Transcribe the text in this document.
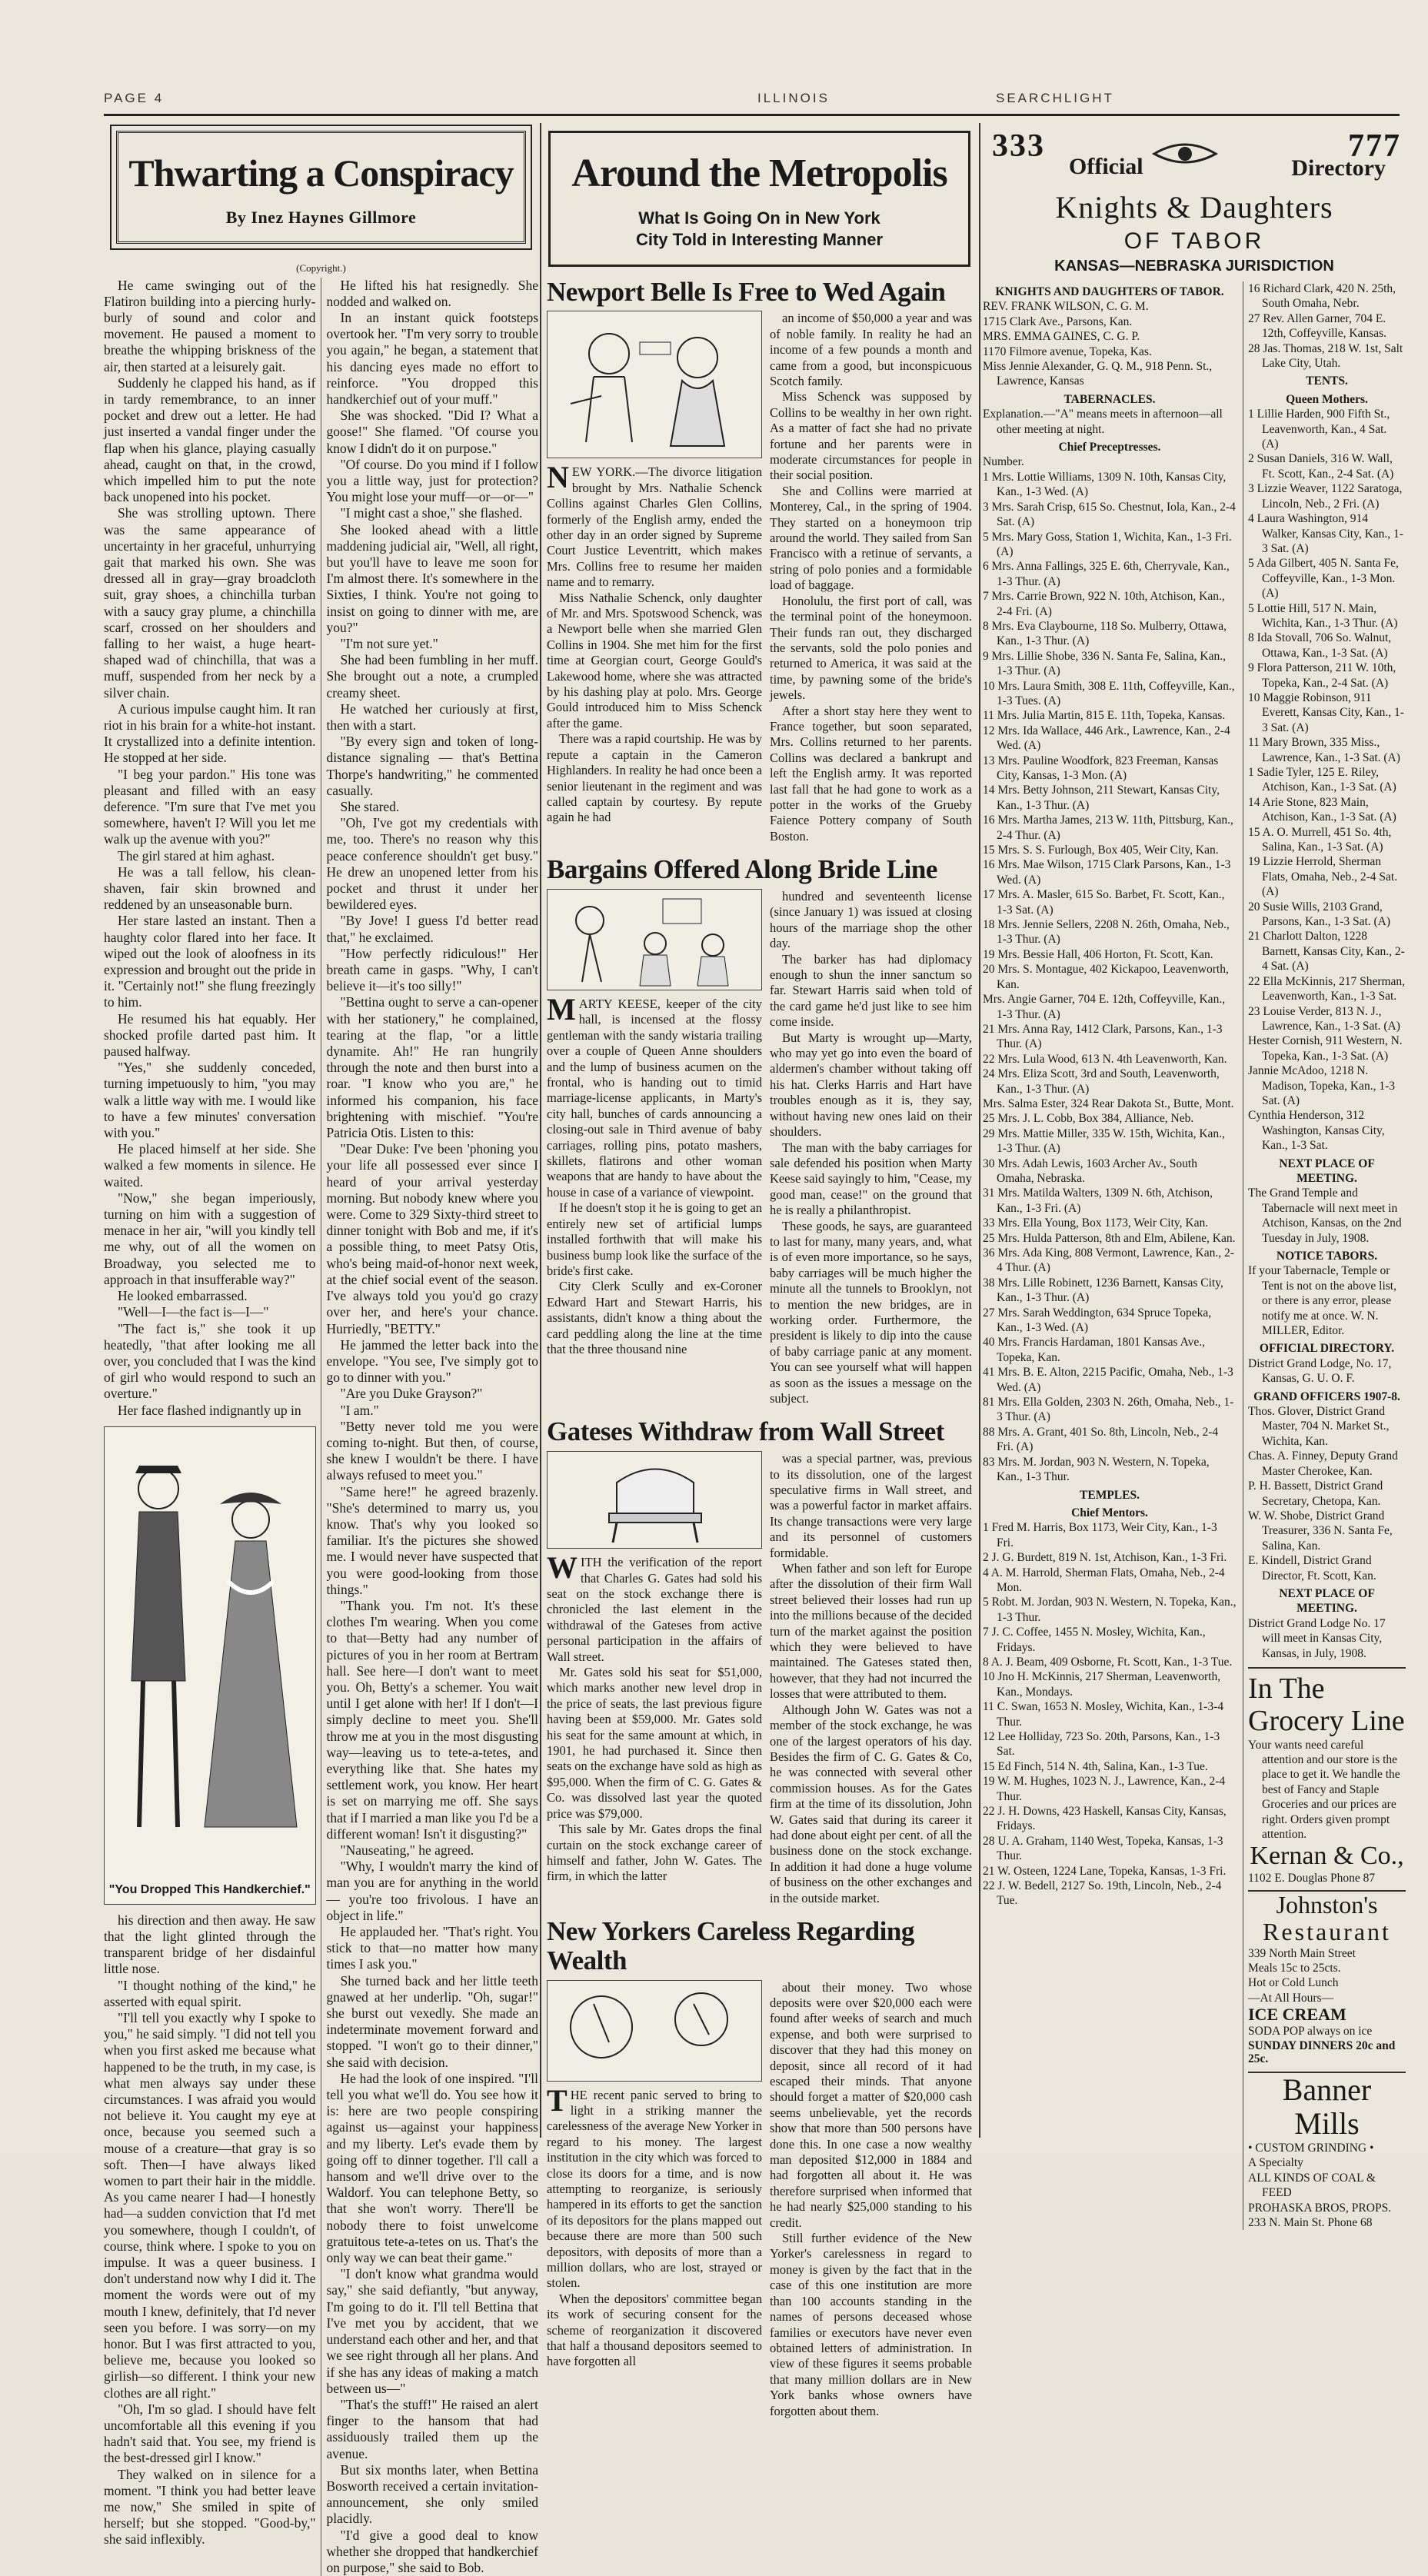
PAGE 4	ILLINOIS	SEARCHLIGHT
Thwarting a Conspiracy
By Inez Haynes Gillmore
(Copyright.)

He came swinging out of the Flatiron building into a piercing hurly-burly of sound and color and movement. He paused a moment to breathe the whipping briskness of the air, then started at a leisurely gait.

Suddenly he clapped his hand, as if in tardy remembrance, to an inner pocket and drew out a letter. He had just inserted a vandal finger under the flap when his glance, playing casually ahead, caught on that, in the crowd, which impelled him to put the note back unopened into his pocket.

She was strolling uptown. There was the same appearance of uncertainty in her graceful, unhurrying gait that marked his own. She was dressed all in gray—gray broadcloth suit, gray shoes, a chinchilla turban with a saucy gray plume, a chinchilla scarf, crossed on her shoulders and falling to her waist, a huge heart-shaped wad of chinchilla, that was a muff, suspended from her neck by a silver chain.

A curious impulse caught him. It ran riot in his brain for a white-hot instant. It crystallized into a definite intention. He stopped at her side.

"I beg your pardon." His tone was pleasant and filled with an easy deference. "I'm sure that I've met you somewhere, haven't I? Will you let me walk up the avenue with you?"

The girl stared at him aghast.

He was a tall fellow, his clean-shaven, fair skin browned and reddened by an unseasonable burn.

Her stare lasted an instant. Then a haughty color flared into her face. It wiped out the look of aloofness in its expression and brought out the pride in it. "Certainly not!" she flung freezingly to him.

He resumed his hat equably. Her shocked profile darted past him. It paused halfway.

"Yes," she suddenly conceded, turning impetuously to him, "you may walk a little way with me. I would like to have a few minutes' conversation with you."

He placed himself at her side. She walked a few moments in silence. He waited.

"Now," she began imperiously, turning on him with a suggestion of menace in her air, "will you kindly tell me why, out of all the women on Broadway, you selected me to approach in that insufferable way?"

He looked embarrassed.

"Well—I—the fact is—I—"

"The fact is," she took it up heatedly, "that after looking me all over, you concluded that I was the kind of girl who would respond to such an overture."

Her face flashed indignantly up in

"You Dropped This Handkerchief."

his direction and then away. He saw that the light glinted through the transparent bridge of her disdainful little nose.

"I thought nothing of the kind," he asserted with equal spirit.

"I'll tell you exactly why I spoke to you," he said simply. "I did not tell you when you first asked me because what happened to be the truth, in my case, is what men always say under these circumstances. I was afraid you would not believe it. You caught my eye at once, because you seemed such a mouse of a creature—that gray is so soft. Then—I have always liked women to part their hair in the middle. As you came nearer I had—I honestly had—a sudden conviction that I'd met you somewhere, though I couldn't, of course, think where. I spoke to you on impulse. It was a queer business. I don't understand now why I did it. The moment the words were out of my mouth I knew, definitely, that I'd never seen you before. I was sorry—on my honor. But I was first attracted to you, believe me, because you looked so girlish—so different. I think your new clothes are all right."

"Oh, I'm so glad. I should have felt uncomfortable all this evening if you hadn't said that. You see, my friend is the best-dressed girl I know."

They walked on in silence for a moment. "I think you had better leave me now," She smiled in spite of herself; but she stopped. "Good-by," she said inflexibly.

He lifted his hat resignedly. She nodded and walked on.

In an instant quick footsteps overtook her. "I'm very sorry to trouble you again," he began, a statement that his dancing eyes made no effort to reinforce. "You dropped this handkerchief out of your muff."

She was shocked. "Did I? What a goose!" She flamed. "Of course you know I didn't do it on purpose."

"Of course. Do you mind if I follow you a little way, just for protection? You might lose your muff—or—or—"

"I might cast a shoe," she flashed.

She looked ahead with a little maddening judicial air, "Well, all right, but you'll have to leave me soon for I'm almost there. It's somewhere in the Sixties, I think. You're not going to insist on going to dinner with me, are you?"

"I'm not sure yet."

She had been fumbling in her muff. She brought out a note, a crumpled creamy sheet.

He watched her curiously at first, then with a start.

"By every sign and token of long-distance signaling — that's Bettina Thorpe's handwriting," he commented casually.

She stared.

"Oh, I've got my credentials with me, too. There's no reason why this peace conference shouldn't get busy." He drew an unopened letter from his pocket and thrust it under her bewildered eyes.

"By Jove! I guess I'd better read that," he exclaimed.

"How perfectly ridiculous!" Her breath came in gasps. "Why, I can't believe it—it's too silly!"

"Bettina ought to serve a can-opener with her stationery," he complained, tearing at the flap, "or a little dynamite. Ah!" He ran hungrily through the note and then burst into a roar. "I know who you are," he informed his companion, his face brightening with mischief. "You're Patricia Otis. Listen to this:

"Dear Duke: I've been 'phoning you your life all possessed ever since I heard of your arrival yesterday morning. But nobody knew where you were. Come to 329 Sixty-third street to dinner tonight with Bob and me, if it's a possible thing, to meet Patsy Otis, who's being maid-of-honor next week, at the chief social event of the season. I've always told you you'd go crazy over her, and here's your chance. Hurriedly, "BETTY."

He jammed the letter back into the envelope. "You see, I've simply got to go to dinner with you."

"Are you Duke Grayson?"

"I am."

"Betty never told me you were coming to-night. But then, of course, she knew I wouldn't be there. I have always refused to meet you."

"Same here!" he agreed brazenly. "She's determined to marry us, you know. That's why you looked so familiar. It's the pictures she showed me. I would never have suspected that you were good-looking from those things."

"Thank you. I'm not. It's these clothes I'm wearing. When you come to that—Betty had any number of pictures of you in her room at Bertram hall. See here—I don't want to meet you. Oh, Betty's a schemer. You wait until I get alone with her! If I don't—I simply decline to meet you. She'll throw me at you in the most disgusting way—leaving us to tete-a-tetes, and everything like that. She hates my settlement work, you know. Her heart is set on marrying me off. She says that if I married a man like you I'd be a different woman! Isn't it disgusting?"

"Nauseating," he agreed.

"Why, I wouldn't marry the kind of man you are for anything in the world — you're too frivolous. I have an object in life."

He applauded her. "That's right. You stick to that—no matter how many times I ask you."

She turned back and her little teeth gnawed at her underlip. "Oh, sugar!" she burst out vexedly. She made an indeterminate movement forward and stopped. "I won't go to their dinner," she said with decision.

He had the look of one inspired. "I'll tell you what we'll do. You see how it is: here are two people conspiring against us—against your happiness and my liberty. Let's evade them by going off to dinner together. I'll call a hansom and we'll drive over to the Waldorf. You can telephone Betty, so that she won't worry. There'll be nobody there to foist unwelcome gratuitous tete-a-tetes on us. That's the only way we can beat their game."

"I don't know what grandma would say," she said defiantly, "but anyway, I'm going to do it. I'll tell Bettina that I've met you by accident, that we understand each other and her, and that we see right through all her plans. And if she has any ideas of making a match between us—"

"That's the stuff!" He raised an alert finger to the hansom that had assiduously trailed them up the avenue.

But six months later, when Bettina Bosworth received a certain invitation-announcement, she only smiled placidly.

"I'd give a good deal to know whether she dropped that handkerchief on purpose," she said to Bob.

Around the Metropolis
What Is Going On in New York
City Told in Interesting Manner
Newport Belle Is Free to Wed Again

NEW YORK.—The divorce litigation brought by Mrs. Nathalie Schenck Collins against Charles Glen Collins, formerly of the English army, ended the other day in an order signed by Supreme Court Justice Leventritt, which makes Mrs. Collins free to resume her maiden name and to remarry.

Miss Nathalie Schenck, only daughter of Mr. and Mrs. Spotswood Schenck, was a Newport belle when she married Glen Collins in 1904. She met him for the first time at Georgian court, George Gould's Lakewood home, where she was attracted by his dashing play at polo. Mrs. George Gould introduced him to Miss Schenck after the game.

There was a rapid courtship. He was by repute a captain in the Cameron Highlanders. In reality he had once been a senior lieutenant in the regiment and was called captain by courtesy. By repute again he had

an income of $50,000 a year and was of noble family. In reality he had an income of a few pounds a month and came from a good, but inconspicuous Scotch family.

Miss Schenck was supposed by Collins to be wealthy in her own right. As a matter of fact she had no private fortune and her parents were in moderate circumstances for people in their social position.

She and Collins were married at Monterey, Cal., in the spring of 1904. They started on a honeymoon trip around the world. They sailed from San Francisco with a retinue of servants, a string of polo ponies and a formidable load of baggage.

Honolulu, the first port of call, was the terminal point of the honeymoon. Their funds ran out, they discharged the servants, sold the polo ponies and returned to America, it was said at the time, by pawning some of the bride's jewels.

After a short stay here they went to France together, but soon separated, Mrs. Collins returned to her parents. Collins was declared a bankrupt and left the English army. It was reported last fall that he had gone to work as a potter in the works of the Grueby Faience Pottery company of South Boston.

Bargains Offered Along Bride Line

MARTY KEESE, keeper of the city hall, is incensed at the flossy gentleman with the sandy wistaria trailing over a couple of Queen Anne shoulders and the lump of business acumen on the frontal, who is handing out to timid marriage-license applicants, in Marty's city hall, bunches of cards announcing a closing-out sale in Third avenue of baby carriages, rolling pins, potato mashers, skillets, flatirons and other woman weapons that are handy to have about the house in case of a variance of viewpoint.

If he doesn't stop it he is going to get an entirely new set of artificial lumps installed forthwith that will make his business bump look like the surface of the bride's first cake.

City Clerk Scully and ex-Coroner Edward Hart and Stewart Harris, his assistants, didn't know a thing about the card peddling along the line at the time that the three thousand nine

hundred and seventeenth license (since January 1) was issued at closing hours of the marriage shop the other day.

The barker has had diplomacy enough to shun the inner sanctum so far. Stewart Harris said when told of the card game he'd just like to see him come inside.

But Marty is wrought up—Marty, who may yet go into even the board of aldermen's chamber without taking off his hat. Clerks Harris and Hart have troubles enough as it is, they say, without having new ones laid on their shoulders.

The man with the baby carriages for sale defended his position when Marty Keese said sayingly to him, "Cease, my good man, cease!" on the ground that he is really a philanthropist.

These goods, he says, are guaranteed to last for many, many years, and, what is of even more importance, so he says, baby carriages will be much higher the minute all the tunnels to Brooklyn, not to mention the new bridges, are in working order. Furthermore, the president is likely to dip into the cause of baby carriage panic at any moment. You can see yourself what will happen as soon as the issues a message on the subject.

Gateses Withdraw from Wall Street

WITH the verification of the report that Charles G. Gates had sold his seat on the stock exchange there is chronicled the last element in the withdrawal of the Gateses from active personal participation in the affairs of Wall street.

Mr. Gates sold his seat for $51,000, which marks another new level drop in the price of seats, the last previous figure having been at $59,000. Mr. Gates sold his seat for the same amount at which, in 1901, he had purchased it. Since then seats on the exchange have sold as high as $95,000. When the firm of C. G. Gates & Co. was dissolved last year the quoted price was $79,000.

This sale by Mr. Gates drops the final curtain on the stock exchange career of himself and father, John W. Gates. The firm, in which the latter

was a special partner, was, previous to its dissolution, one of the largest speculative firms in Wall street, and was a powerful factor in market affairs. Its change transactions were very large and its personnel of customers formidable.

When father and son left for Europe after the dissolution of their firm Wall street believed their losses had run up into the millions because of the decided turn of the market against the position which they were believed to have maintained. The Gateses stated then, however, that they had not incurred the losses that were attributed to them.

Although John W. Gates was not a member of the stock exchange, he was one of the largest operators of his day. Besides the firm of C. G. Gates & Co, he was connected with several other commission houses. As for the Gates firm at the time of its dissolution, John W. Gates said that during its career it had done about eight per cent. of all the business done on the stock exchange. In addition it had done a huge volume of business on the other exchanges and in the outside market.

New Yorkers Careless Regarding Wealth

THE recent panic served to bring to light in a striking manner the carelessness of the average New Yorker in regard to his money. The largest institution in the city which was forced to close its doors for a time, and is now attempting to reorganize, is seriously hampered in its efforts to get the sanction of its depositors for the plans mapped out because there are more than 500 such depositors, with deposits of more than a million dollars, who are lost, strayed or stolen.

When the depositors' committee began its work of securing consent for the scheme of reorganization it discovered that half a thousand depositors seemed to have forgotten all

about their money. Two whose deposits were over $20,000 each were found after weeks of search and much expense, and both were surprised to discover that they had this money on deposit, since all record of it had escaped their minds. That anyone should forget a matter of $20,000 cash seems unbelievable, yet the records show that more than 500 persons have done this. In one case a now wealthy man deposited $12,000 in 1884 and had forgotten all about it. He was therefore surprised when informed that he had nearly $25,000 standing to his credit.

Still further evidence of the New Yorker's carelessness in regard to money is given by the fact that in the case of this one institution are more than 100 accounts standing in the names of persons deceased whose families or executors have never even obtained letters of administration. In view of these figures it seems probable that many million dollars are in New York banks whose owners have forgotten about them.

333
Official	Directory
777
Knights & Daughters
OF TABOR
KANSAS—NEBRASKA JURISDICTION
KNIGHTS AND DAUGHTERS OF TABOR.
REV. FRANK WILSON, C. G. M.
1715 Clark Ave., Parsons, Kan.
MRS. EMMA GAINES, C. G. P.
1170 Filmore avenue, Topeka, Kas.
Miss Jennie Alexander, G. Q. M., 918 Penn. St., Lawrence, Kansas
TABERNACLES.
Explanation.—"A" means meets in afternoon—all other meeting at night.
Chief Preceptresses.
Number.
1 Mrs. Lottie Williams, 1309 N. 10th, Kansas City, Kan., 1-3 Wed. (A)
3 Mrs. Sarah Crisp, 615 So. Chestnut, Iola, Kan., 2-4 Sat. (A)
5 Mrs. Mary Goss, Station 1, Wichita, Kan., 1-3 Fri. (A)
6 Mrs. Anna Fallings, 325 E. 6th, Cherryvale, Kan., 1-3 Thur. (A)
7 Mrs. Carrie Brown, 922 N. 10th, Atchison, Kan., 2-4 Fri. (A)
8 Mrs. Eva Claybourne, 118 So. Mulberry, Ottawa, Kan., 1-3 Thur. (A)
9 Mrs. Lillie Shobe, 336 N. Santa Fe, Salina, Kan., 1-3 Thur. (A)
10 Mrs. Laura Smith, 308 E. 11th, Coffeyville, Kan., 1-3 Tues. (A)
11 Mrs. Julia Martin, 815 E. 11th, Topeka, Kansas.
12 Mrs. Ida Wallace, 446 Ark., Lawrence, Kan., 2-4 Wed. (A)
13 Mrs. Pauline Woodfork, 823 Freeman, Kansas City, Kansas, 1-3 Mon. (A)
14 Mrs. Betty Johnson, 211 Stewart, Kansas City, Kan., 1-3 Thur. (A)
16 Mrs. Martha James, 213 W. 11th, Pittsburg, Kan., 2-4 Thur. (A)
15 Mrs. S. S. Furlough, Box 405, Weir City, Kan.
16 Mrs. Mae Wilson, 1715 Clark Parsons, Kan., 1-3 Wed. (A)
17 Mrs. A. Masler, 615 So. Barbet, Ft. Scott, Kan., 1-3 Sat. (A)
18 Mrs. Jennie Sellers, 2208 N. 26th, Omaha, Neb., 1-3 Thur. (A)
19 Mrs. Bessie Hall, 406 Horton, Ft. Scott, Kan.
20 Mrs. S. Montague, 402 Kickapoo, Leavenworth, Kan.
Mrs. Angie Garner, 704 E. 12th, Coffeyville, Kan., 1-3 Thur. (A)
21 Mrs. Anna Ray, 1412 Clark, Parsons, Kan., 1-3 Thur. (A)
22 Mrs. Lula Wood, 613 N. 4th Leavenworth, Kan.
24 Mrs. Eliza Scott, 3rd and South, Leavenworth, Kan., 1-3 Thur. (A)
Mrs. Salma Ester, 324 Rear Dakota St., Butte, Mont.
25 Mrs. J. L. Cobb, Box 384, Alliance, Neb.
29 Mrs. Mattie Miller, 335 W. 15th, Wichita, Kan., 1-3 Thur. (A)
30 Mrs. Adah Lewis, 1603 Archer Av., South Omaha, Nebraska.
31 Mrs. Matilda Walters, 1309 N. 6th, Atchison, Kan., 1-3 Fri. (A)
33 Mrs. Ella Young, Box 1173, Weir City, Kan.
25 Mrs. Hulda Patterson, 8th and Elm, Abilene, Kan.
36 Mrs. Ada King, 808 Vermont, Lawrence, Kan., 2-4 Thur. (A)
38 Mrs. Lille Robinett, 1236 Barnett, Kansas City, Kan., 1-3 Thur. (A)
27 Mrs. Sarah Weddington, 634 Spruce Topeka, Kan., 1-3 Wed. (A)
40 Mrs. Francis Hardaman, 1801 Kansas Ave., Topeka, Kan.
41 Mrs. B. E. Alton, 2215 Pacific, Omaha, Neb., 1-3 Wed. (A)
81 Mrs. Ella Golden, 2303 N. 26th, Omaha, Neb., 1-3 Thur. (A)
88 Mrs. A. Grant, 401 So. 8th, Lincoln, Neb., 2-4 Fri. (A)
83 Mrs. M. Jordan, 903 N. Western, N. Topeka, Kan., 1-3 Thur.
TEMPLES.
Chief Mentors.
1 Fred M. Harris, Box 1173, Weir City, Kan., 1-3 Fri.
2 J. G. Burdett, 819 N. 1st, Atchison, Kan., 1-3 Fri.
4 A. M. Harrold, Sherman Flats, Omaha, Neb., 2-4 Mon.
5 Robt. M. Jordan, 903 N. Western, N. Topeka, Kan., 1-3 Thur.
7 J. C. Coffee, 1455 N. Mosley, Wichita, Kan., Fridays.
8 A. J. Beam, 409 Osborne, Ft. Scott, Kan., 1-3 Tue.
10 Jno H. McKinnis, 217 Sherman, Leavenworth, Kan., Mondays.
11 C. Swan, 1653 N. Mosley, Wichita, Kan., 1-3-4 Thur.
12 Lee Holliday, 723 So. 20th, Parsons, Kan., 1-3 Sat.
15 Ed Finch, 514 N. 4th, Salina, Kan., 1-3 Tue.
19 W. M. Hughes, 1023 N. J., Lawrence, Kan., 2-4 Thur.
22 J. H. Downs, 423 Haskell, Kansas City, Kansas, Fridays.
28 U. A. Graham, 1140 West, Topeka, Kansas, 1-3 Thur.
21 W. Osteen, 1224 Lane, Topeka, Kansas, 1-3 Fri.
22 J. W. Bedell, 2127 So. 19th, Lincoln, Neb., 2-4 Tue.
16 Richard Clark, 420 N. 25th, South Omaha, Nebr.
27 Rev. Allen Garner, 704 E. 12th, Coffeyville, Kansas.
28 Jas. Thomas, 218 W. 1st, Salt Lake City, Utah.
TENTS.
Queen Mothers.
1 Lillie Harden, 900 Fifth St., Leavenworth, Kan., 4 Sat. (A)
2 Susan Daniels, 316 W. Wall, Ft. Scott, Kan., 2-4 Sat. (A)
3 Lizzie Weaver, 1122 Saratoga, Lincoln, Neb., 2 Fri. (A)
4 Laura Washington, 914 Walker, Kansas City, Kan., 1-3 Sat. (A)
5 Ada Gilbert, 405 N. Santa Fe, Coffeyville, Kan., 1-3 Mon. (A)
5 Lottie Hill, 517 N. Main, Wichita, Kan., 1-3 Thur. (A)
8 Ida Stovall, 706 So. Walnut, Ottawa, Kan., 1-3 Sat. (A)
9 Flora Patterson, 211 W. 10th, Topeka, Kan., 2-4 Sat. (A)
10 Maggie Robinson, 911 Everett, Kansas City, Kan., 1-3 Sat. (A)
11 Mary Brown, 335 Miss., Lawrence, Kan., 1-3 Sat. (A)
1 Sadie Tyler, 125 E. Riley, Atchison, Kan., 1-3 Sat. (A)
14 Arie Stone, 823 Main, Atchison, Kan., 1-3 Sat. (A)
15 A. O. Murrell, 451 So. 4th, Salina, Kan., 1-3 Sat. (A)
19 Lizzie Herrold, Sherman Flats, Omaha, Neb., 2-4 Sat. (A)
20 Susie Wills, 2103 Grand, Parsons, Kan., 1-3 Sat. (A)
21 Charlott Dalton, 1228 Barnett, Kansas City, Kan., 2-4 Sat. (A)
22 Ella McKinnis, 217 Sherman, Leavenworth, Kan., 1-3 Sat.
23 Louise Verder, 813 N. J., Lawrence, Kan., 1-3 Sat. (A)
Hester Cornish, 911 Western, N. Topeka, Kan., 1-3 Sat. (A)
Jannie McAdoo, 1218 N. Madison, Topeka, Kan., 1-3 Sat. (A)
Cynthia Henderson, 312 Washington, Kansas City, Kan., 1-3 Sat.
NEXT PLACE OF MEETING.
The Grand Temple and Tabernacle will next meet in Atchison, Kansas, on the 2nd Tuesday in July, 1908.
NOTICE TABORS.
If your Tabernacle, Temple or Tent is not on the above list, or there is any error, please notify me at once. W. N. MILLER, Editor.
OFFICIAL DIRECTORY.
District Grand Lodge, No. 17, Kansas, G. U. O. F.
GRAND OFFICERS 1907-8.
Thos. Glover, District Grand Master, 704 N. Market St., Wichita, Kan.
Chas. A. Finney, Deputy Grand Master Cherokee, Kan.
P. H. Bassett, District Grand Secretary, Chetopa, Kan.
W. W. Shobe, District Grand Treasurer, 336 N. Santa Fe, Salina, Kan.
E. Kindell, District Grand Director, Ft. Scott, Kan.
NEXT PLACE OF MEETING.
District Grand Lodge No. 17 will meet in Kansas City, Kansas, in July, 1908.
In The
Grocery Line
Your wants need careful attention and our store is the place to get it. We handle the best of Fancy and Staple Groceries and our prices are right. Orders given prompt attention.
Kernan & Co.,
1102 E. Douglas Phone 87
Johnston's
Restaurant
339 North Main Street
Meals 15c to 25cts.
Hot or Cold Lunch
—At All Hours—
ICE CREAM
SODA POP always on ice
SUNDAY DINNERS 20c and 25c.
Banner Mills
• CUSTOM GRINDING •
A Specialty
ALL KINDS OF COAL & FEED
PROHASKA BROS, PROPS.
233 N. Main St. Phone 68
